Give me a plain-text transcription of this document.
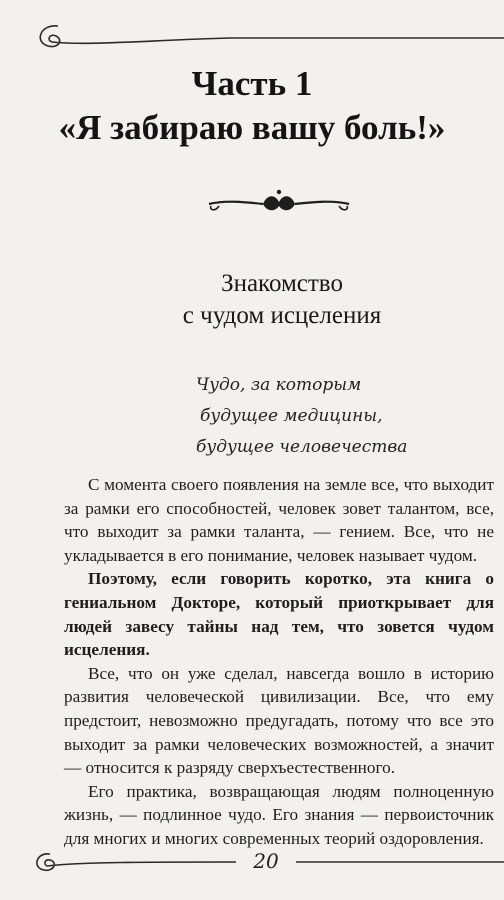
Часть 1
«Я забираю вашу боль!»
Знакомство
с чудом исцеления
Чудо, за которым
будущее медицины,
будущее человечества

С момента своего появления на земле все, что выходит за рамки его способностей, человек зовет талантом, все, что выходит за рамки таланта, — гением. Все, что не укладывается в его понимание, человек называет чудом.

Поэтому, если говорить коротко, эта книга о гениальном Докторе, который приоткрывает для людей завесу тайны над тем, что зовется чудом исцеления.

Все, что он уже сделал, навсегда вошло в историю развития человеческой цивилизации. Все, что ему предстоит, невозможно предугадать, потому что все это выходит за рамки человеческих возможностей, а значит — относится к разряду сверхъестественного.

Его практика, возвращающая людям полноценную жизнь, — подлинное чудо. Его знания — первоисточник для многих и многих современных теорий оздоровления.

20
